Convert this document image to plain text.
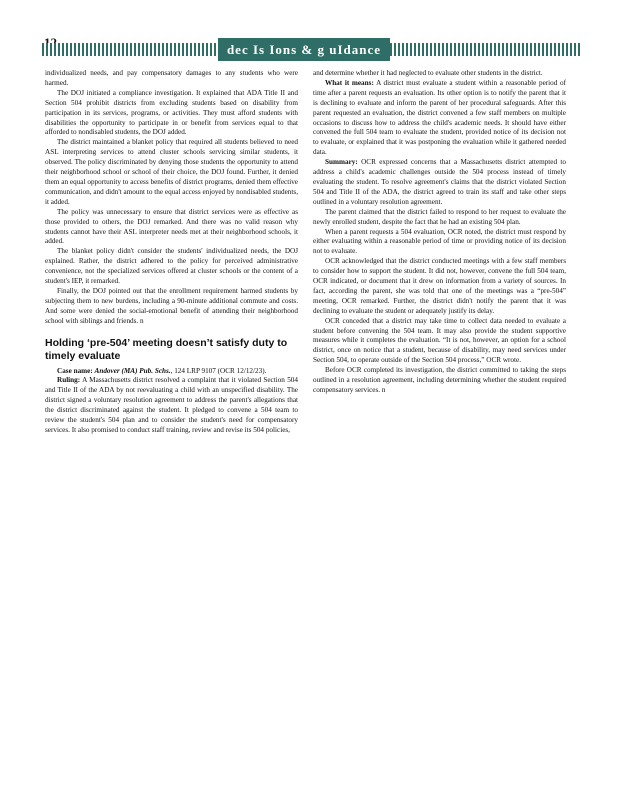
dec Is Ions & g uIdance

individualized needs, and pay compensatory damages to any students who were harmed.

The DOJ initiated a compliance investigation. It explained that ADA Title II and Section 504 prohibit districts from excluding students based on disability from participation in its services, programs, or activities. They must afford students with disabilities the opportunity to participate in or benefit from services equal to that afforded to nondisabled students, the DOJ added.

The district maintained a blanket policy that required all students believed to need ASL interpreting services to attend cluster schools servicing similar students, it observed. The policy discriminated by denying those students the opportunity to attend their neighborhood school or school of their choice, the DOJ found. Further, it denied them an equal opportunity to access benefits of district programs, denied them effective communication, and didn't amount to the equal access enjoyed by nondisabled students, it added.

The policy was unnecessary to ensure that district services were as effective as those provided to others, the DOJ remarked. And there was no valid reason why students cannot have their ASL interpreter needs met at their neighborhood schools, it added.

The blanket policy didn't consider the students' individualized needs, the DOJ explained. Rather, the district adhered to the policy for perceived administrative convenience, not the specialized services offered at cluster schools or the content of a student's IEP, it remarked.

Finally, the DOJ pointed out that the enrollment requirement harmed students by subjecting them to new burdens, including a 90-minute additional commute and costs. And some were denied the social-emotional benefit of attending their neighborhood school with siblings and friends. n

Holding ‘pre-504’ meeting doesn’t satisfy duty to timely evaluate

Case name: Andover (MA) Pub. Schs., 124 LRP 9107 (OCR 12/12/23).

Ruling: A Massachusetts district resolved a complaint that it violated Section 504 and Title II of the ADA by not reevaluating a child with an unspecified disability. The district signed a voluntary resolution agreement to address the parent's allegations that the district discriminated against the student. It pledged to convene a 504 team to review the student's 504 plan and to consider the student's need for compensatory services. It also promised to conduct staff training, review and revise its 504 policies,

and determine whether it had neglected to evaluate other students in the district.

What it means: A district must evaluate a student within a reasonable period of time after a parent requests an evaluation. Its other option is to notify the parent that it is declining to evaluate and inform the parent of her procedural safeguards. After this parent requested an evaluation, the district convened a few staff members on multiple occasions to discuss how to address the child's academic needs. It should have either convened the full 504 team to evaluate the student, provided notice of its decision not to evaluate, or explained that it was postponing the evaluation while it gathered needed data.

Summary: OCR expressed concerns that a Massachusetts district attempted to address a child's academic challenges outside the 504 process instead of timely evaluating the student. To resolve agreement's claims that the district violated Section 504 and Title II of the ADA, the district agreed to train its staff and take other steps outlined in a voluntary resolution agreement.

The parent claimed that the district failed to respond to her request to evaluate the newly enrolled student, despite the fact that he had an existing 504 plan.

When a parent requests a 504 evaluation, OCR noted, the district must respond by either evaluating within a reasonable period of time or providing notice of its decision not to evaluate.

OCR acknowledged that the district conducted meetings with a few staff members to consider how to support the student. It did not, however, convene the full 504 team, OCR indicated, or document that it drew on information from a variety of sources. In fact, according the parent, she was told that one of the meetings was a “pre-504” meeting, OCR remarked. Further, the district didn't notify the parent that it was declining to evaluate the student or adequately justify its delay.

OCR conceded that a district may take time to collect data needed to evaluate a student before convening the 504 team. It may also provide the student supportive measures while it completes the evaluation. “It is not, however, an option for a school district, once on notice that a student, because of disability, may need services under Section 504, to operate outside of the Section 504 process,” OCR wrote.

Before OCR completed its investigation, the district committed to taking the steps outlined in a resolution agreement, including determining whether the student required compensatory services. n
